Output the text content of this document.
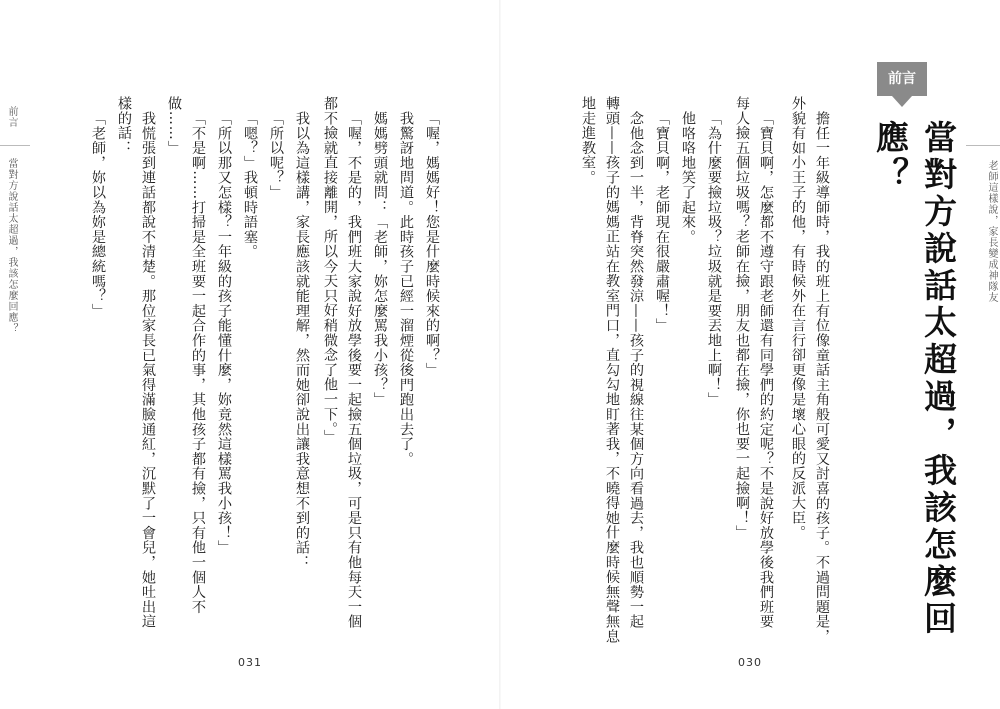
老師這樣說，家長變成神隊友
前言
當對方說話太超過，我該怎麼回應？
擔任一年級導師時，我的班上有位像童話主角般可愛又討喜的孩子。不過問題是，
外貌有如小王子的他，有時候外在言行卻更像是壞心眼的反派大臣。
「寶貝啊，怎麼都不遵守跟老師還有同學們的約定呢？不是說好放學後我們班要
每人撿五個垃圾嗎？老師在撿，朋友也都在撿，你也要一起撿啊！」
「為什麼要撿垃圾？垃圾就是要丟地上啊！」
他咯咯地笑了起來。
「寶貝啊，老師現在很嚴肅喔！」
念他念到一半，背脊突然發涼——孩子的視線往某個方向看過去，我也順勢一起
轉頭——孩子的媽媽正站在教室門口，直勾勾地盯著我，不曉得她什麼時候無聲無息
地走進教室。
030
前言
當對方說話太超過，我該怎麼回應？	「喔，媽媽好！您是什麼時候來的啊？」
我驚訝地問道。此時孩子已經一溜煙從後門跑出去了。
媽媽劈頭就問：「老師，妳怎麼罵我小孩？」
「喔，不是的，我們班大家說好放學後要一起撿五個垃圾，可是只有他每天一個
都不撿就直接離開，所以今天只好稍微念了他一下。」
我以為這樣講，家長應該就能理解，然而她卻說出讓我意想不到的話：
「所以呢？」
「嗯？」我頓時語塞。
「所以那又怎樣？一年級的孩子能懂什麼，妳竟然這樣罵我小孩！」
「不是啊……打掃是全班要一起合作的事，其他孩子都有撿，只有他一個人不
做……」
我慌張到連話都說不清楚。那位家長已氣得滿臉通紅，沉默了一會兒，她吐出這
樣的話：
「老師，妳以為妳是總統嗎？」
031
